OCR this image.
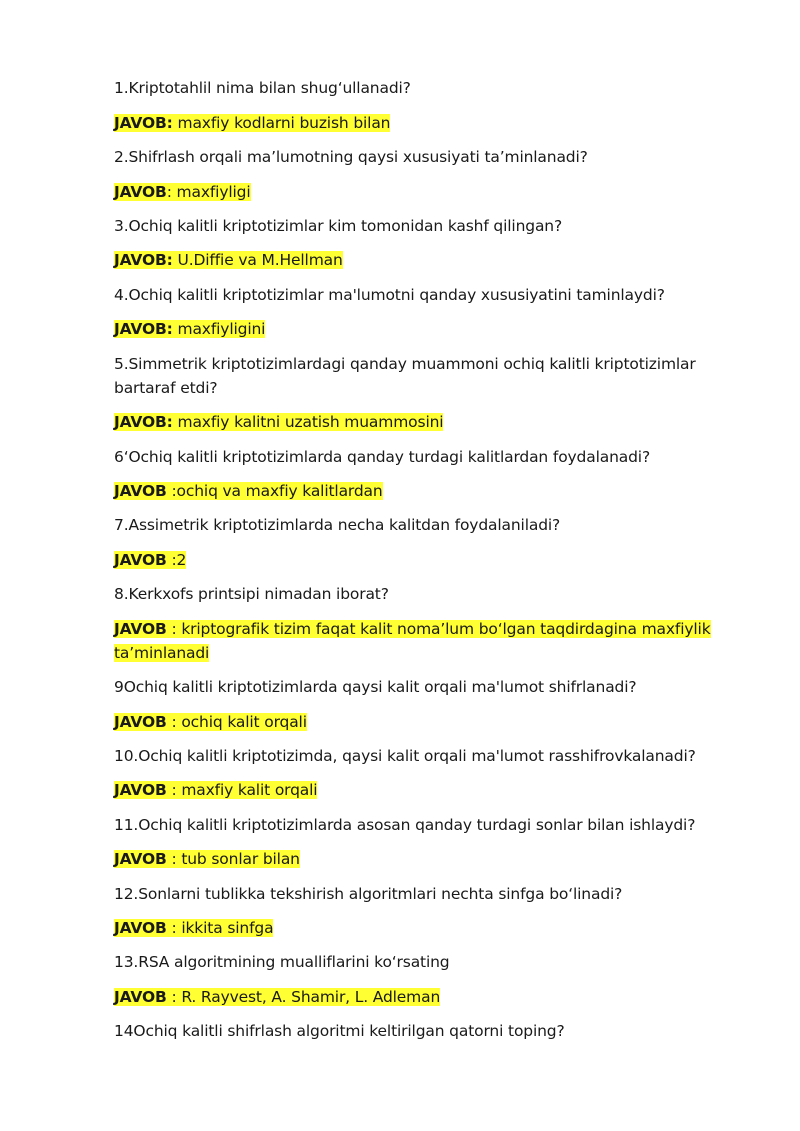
1.Kriptotahlil nima bilan shug‘ullanadi?
JAVOB: maxfiy kodlarni buzish bilan
2.Shifrlash orqali ma’lumotning qaysi xususiyati ta’minlanadi?
JAVOB: maxfiyligi
3.Ochiq kalitli kriptotizimlar kim tomonidan kashf qilingan?
JAVOB: U.Diffie va M.Hellman
4.Ochiq kalitli kriptotizimlar ma'lumotni qanday xususiyatini taminlaydi?
JAVOB: maxfiyligini
5.Simmetrik kriptotizimlardagi qanday muammoni ochiq kalitli kriptotizimlar bartaraf etdi?
JAVOB: maxfiy kalitni uzatish muammosini
6‘Ochiq kalitli kriptotizimlarda qanday turdagi kalitlardan foydalanadi?
JAVOB :ochiq va maxfiy kalitlardan
7.Assimetrik kriptotizimlarda necha kalitdan foydalaniladi?
JAVOB :2
8.Kerkxofs printsipi nimadan iborat?
JAVOB : kriptografik tizim faqat kalit noma’lum bo‘lgan taqdirdagina maxfiylik ta’minlanadi
9Ochiq kalitli kriptotizimlarda qaysi kalit orqali ma'lumot shifrlanadi?
JAVOB : ochiq kalit orqali
10.Ochiq kalitli kriptotizimda, qaysi kalit orqali ma'lumot rasshifrovkalanadi?
JAVOB : maxfiy kalit orqali
11.Ochiq kalitli kriptotizimlarda asosan qanday turdagi sonlar bilan ishlaydi?
JAVOB : tub sonlar bilan
12.Sonlarni tublikka tekshirish algoritmlari nechta sinfga bo‘linadi?
JAVOB : ikkita sinfga
13.RSA algoritmining mualliflarini ko‘rsating
JAVOB : R. Rayvest, A. Shamir, L. Adleman
14Ochiq kalitli shifrlash algoritmi keltirilgan qatorni toping?
